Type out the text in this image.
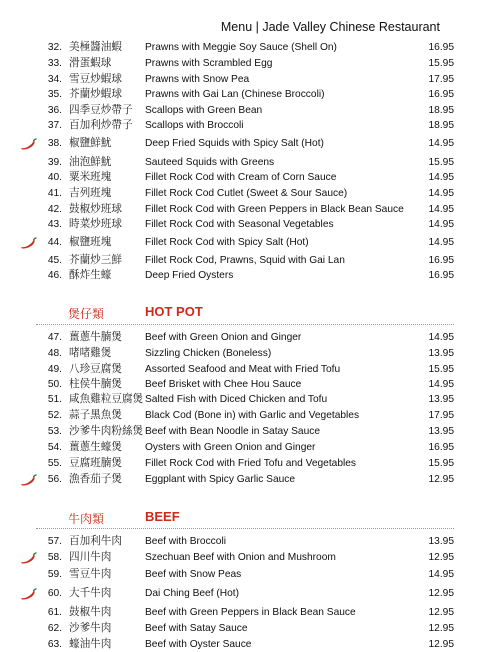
Menu | Jade Valley Chinese Restaurant
32. 美極醬油蝦 Prawns with Meggie Soy Sauce (Shell On)	16.95
33. 滑蛋蝦球	Prawns with Scrambled Egg	15.95
34. 雪豆炒蝦球 Prawns with Snow Pea	17.95
35. 芥蘭炒蝦球 Prawns with Gai Lan (Chinese Broccoli)	16.95
36. 四季豆炒帶子 Scallops with Green Bean	18.95
37. 百加利炒帶子 Scallops with Broccoli	18.95
38. 椒鹽鮮魷	Deep Fried Squids with Spicy Salt (Hot)	14.95
39. 油泡鮮魷	Sauteed Squids with Greens	15.95
40. 粟米班塊	Fillet Rock Cod with Cream of Corn Sauce	14.95
41. 吉列班塊	Fillet Rock Cod Cutlet (Sweet & Sour Sauce)	14.95
42. 鼓椒炒班球 Fillet Rock Cod with Green Peppers in Black Bean Sauce	14.95
43. 時菜炒班球 Fillet Rock Cod with Seasonal Vegetables	14.95
44. 椒鹽班塊	Fillet Rock Cod with Spicy Salt (Hot)	14.95
45. 芥蘭炒三鮮 Fillet Rock Cod, Prawns, Squid with Gai Lan	16.95
46. 酥炸生蠔	Deep Fried Oysters	16.95
煲仔類	HOT POT
47. 薑蔥牛腩煲 Beef with Green Onion and Ginger	14.95
48. 啫啫雞煲	Sizzling Chicken (Boneless)	13.95
49. 八珍豆腐煲 Assorted Seafood and Meat with Fried Tofu	15.95
50. 柱侯牛腩煲 Beef Brisket with Chee Hou Sauce	14.95
51. 咸魚雞粒豆腐煲 Salted Fish with Diced Chicken and Tofu	13.95
52. 蒜子黑魚煲 Black Cod (Bone in) with Garlic and Vegetables	17.95
53. 沙爹牛肉粉絲煲 Beef with Bean Noodle in Satay Sauce	13.95
54. 薑蔥生蠔煲 Oysters with Green Onion and Ginger	16.95
55. 豆腐班腩煲 Fillet Rock Cod with Fried Tofu and Vegetables	15.95
56. 漁香茄子煲 Eggplant with Spicy Garlic Sauce	12.95
牛肉類	BEEF
57. 百加利牛肉 Beef with Broccoli	13.95
58. 四川牛肉	Szechuan Beef with Onion and Mushroom	12.95
59. 雪豆牛肉	Beef with Snow Peas	14.95
60. 大千牛肉	Dai Ching Beef (Hot)	12.95
61. 鼓椒牛肉	Beef with Green Peppers in Black Bean Sauce	12.95
62. 沙爹牛肉	Beef with Satay Sauce	12.95
63. 蠔油牛肉	Beef with Oyster Sauce	12.95
